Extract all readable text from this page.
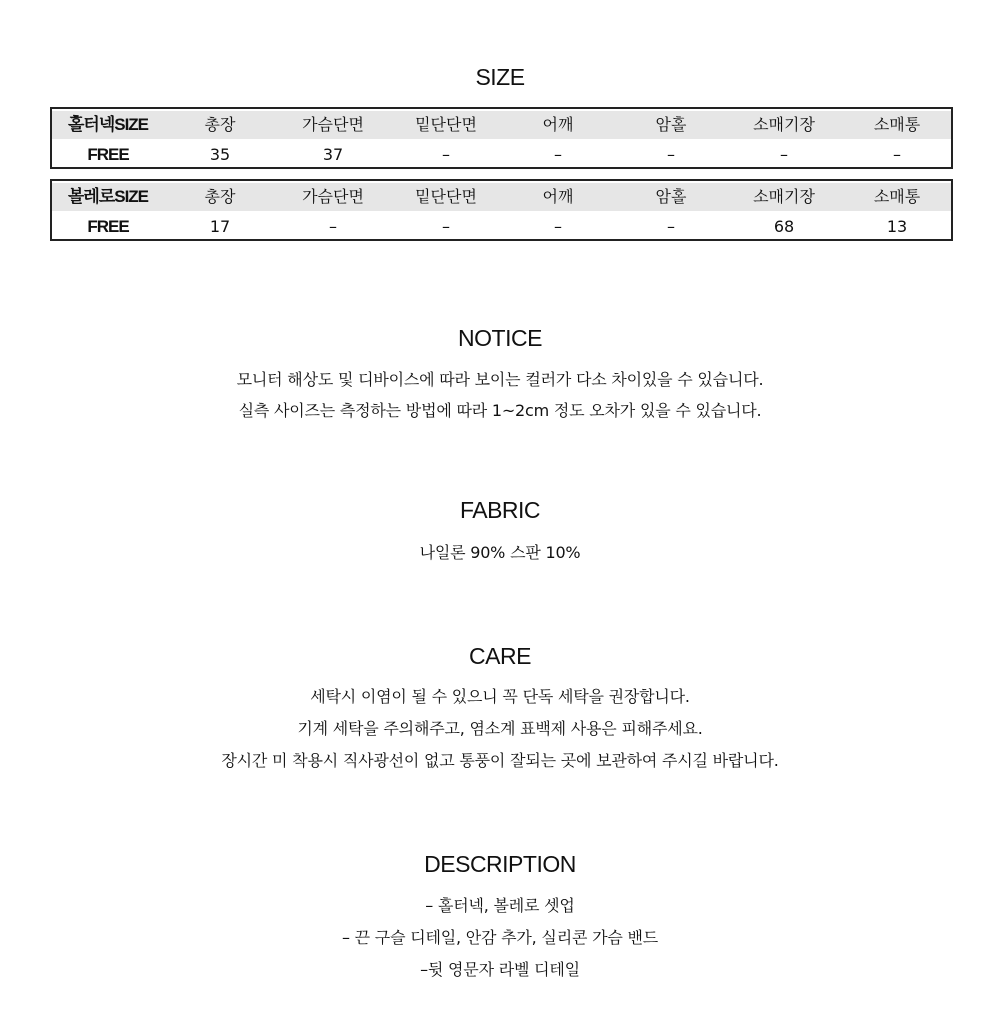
SIZE
홀터넥SIZE	총장	가슴단면	밑단단면	어깨	암홀	소매기장	소매통
FREE	35	37	–	–	–	–	–
볼레로SIZE	총장	가슴단면	밑단단면	어깨	암홀	소매기장	소매통
FREE	17	–	–	–	–	68	13
NOTICE
모니터 해상도 및 디바이스에 따라 보이는 컬러가 다소 차이있을 수 있습니다.
실측 사이즈는 측정하는 방법에 따라 1~2cm 정도 오차가 있을 수 있습니다.
FABRIC
나일론 90% 스판 10%
CARE
세탁시 이염이 될 수 있으니 꼭 단독 세탁을 권장합니다.
기계 세탁을 주의해주고, 염소계 표백제 사용은 피해주세요.
장시간 미 착용시 직사광선이 없고 통풍이 잘되는 곳에 보관하여 주시길 바랍니다.
DESCRIPTION
– 홀터넥, 볼레로 셋업
– 끈 구슬 디테일, 안감 추가, 실리콘 가슴 밴드
–뒷 영문자 라벨 디테일
